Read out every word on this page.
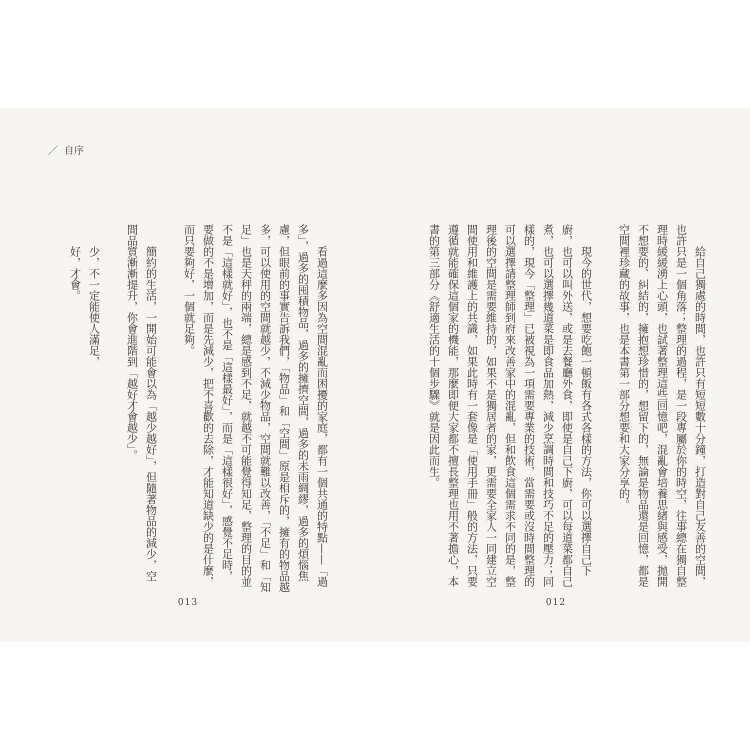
／ 自序

看過這麼多因為空間混亂而困擾的家庭，都有一個共通的特點——「過

多」，過多的囤積物品，過多的擁擠空間，過多的未雨綢繆，過多的煩惱焦

慮，但眼前的事實告訴我們，「物品」和「空間」原是相斥的，擁有的物品越

多，可以使用的空間就越少，不減少物品，空間就難以改善，「不足」和「知

足」也是天秤的兩端，總是感到不足，就越不可能覺得知足，整理的目的並

不是「這樣就好」，也不是「這樣最好」，而是「這樣很好」，感覺不足時，

要做的不是增加，而是先減少，把不喜歡的去除，才能知道缺少的是什麼，

而只要夠好，一個就足夠。

簡約的生活，一開始可能會以為「越少越好」，但隨著物品的減少，空

間品質漸漸提升，你會進階到「越好才會越少」。

少，不一定能使人滿足，

好，才會。

013

給自己獨處的時間，也許只有短短數十分鐘，打造對自己友善的空間，

也許只是一個角落；整理的過程，是一段專屬於你的時空，往事總在獨自整

理時緩緩湧上心頭，也試著整理這些回憶吧，混亂會培養思緒與感受，拋開

不想要的、糾結的，擁抱想珍惜的，想留下的，無論是物品還是回憶，都是

空間裡珍藏的故事，也是本書第一部分想要和大家分享的。

現今的世代，想要吃飽一頓飯有各式各樣的方法，你可以選擇自己下

廚，也可以叫外送，或是去餐廳外食，即使是自己下廚，可以每道菜都自己

煮，也可以選擇幾道菜是即食品加熱，減少烹調時間和技巧不足的壓力；同

樣的，現今「整理」已被視為一項需要專業的技術，當需要或沒時間整理的

可以選擇請整理師到府來改善家中的混亂，但和飲食這個需求不同的是，整

理後的空間是需要維持的，如果不是獨居者的家，更需要全家人一同建立空

間使用和維護上的共識，如果此時有一套像是「使用手冊」般的方法，只要

遵循就能確保這個家的機能，那麼即便大家都不擅長整理也用不著擔心，本

書的第三部分《舒適生活的十個步驟》就是因此而生。

012
